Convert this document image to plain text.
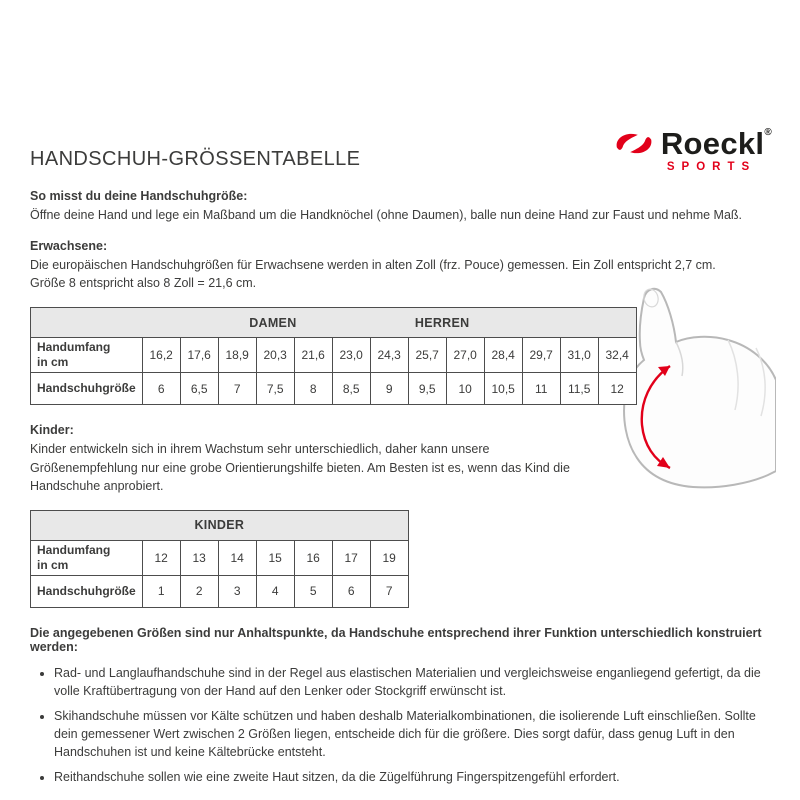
Roeckl®
SPORTS
HANDSCHUH-GRÖSSENTABELLE

So misst du deine Handschuhgröße:

Öffne deine Hand und lege ein Maßband um die Handknöchel (ohne Daumen), balle nun deine Hand zur Faust und nehme Maß.

Erwachsene:

Die europäischen Handschuhgrößen für Erwachsene werden in alten Zoll (frz. Pouce) gemessen. Ein Zoll entspricht 2,7 cm.
Größe 8 entspricht also 8 Zoll = 21,6 cm.

DAMEN HERREN													

Handumfang
in cm	16,2	17,6	18,9	20,3	21,6	23,0	24,3	25,7	27,0	28,4	29,7	31,0	32,4
Handschuhgröße	6	6,5	7	7,5	8	8,5	9	9,5	10	10,5	11	11,5	12

Kinder:

Kinder entwickeln sich in ihrem Wachstum sehr unterschiedlich, daher kann unsere Größenempfehlung nur eine grobe Orientierungshilfe bieten. Am Besten ist es, wenn das Kind die Handschuhe anprobiert.

KINDER							

Handumfang
in cm	12	13	14	15	16	17	19
Handschuhgröße	1	2	3	4	5	6	7

Die angegebenen Größen sind nur Anhaltspunkte, da Handschuhe entsprechend ihrer Funktion unterschiedlich konstruiert werden:

• Rad- und Langlaufhandschuhe sind in der Regel aus elastischen Materialien und vergleichsweise enganliegend gefertigt, da die volle Kraftübertragung von der Hand auf den Lenker oder Stockgriff erwünscht ist.
• Skihandschuhe müssen vor Kälte schützen und haben deshalb Materialkombinationen, die isolierende Luft einschließen. Sollte dein gemessener Wert zwischen 2 Größen liegen, entscheide dich für die größere. Dies sorgt dafür, dass genug Luft in den Handschuhen ist und keine Kältebrücke entsteht.
• Reithandschuhe sollen wie eine zweite Haut sitzen, da die Zügelführung Fingerspitzengefühl erfordert.
